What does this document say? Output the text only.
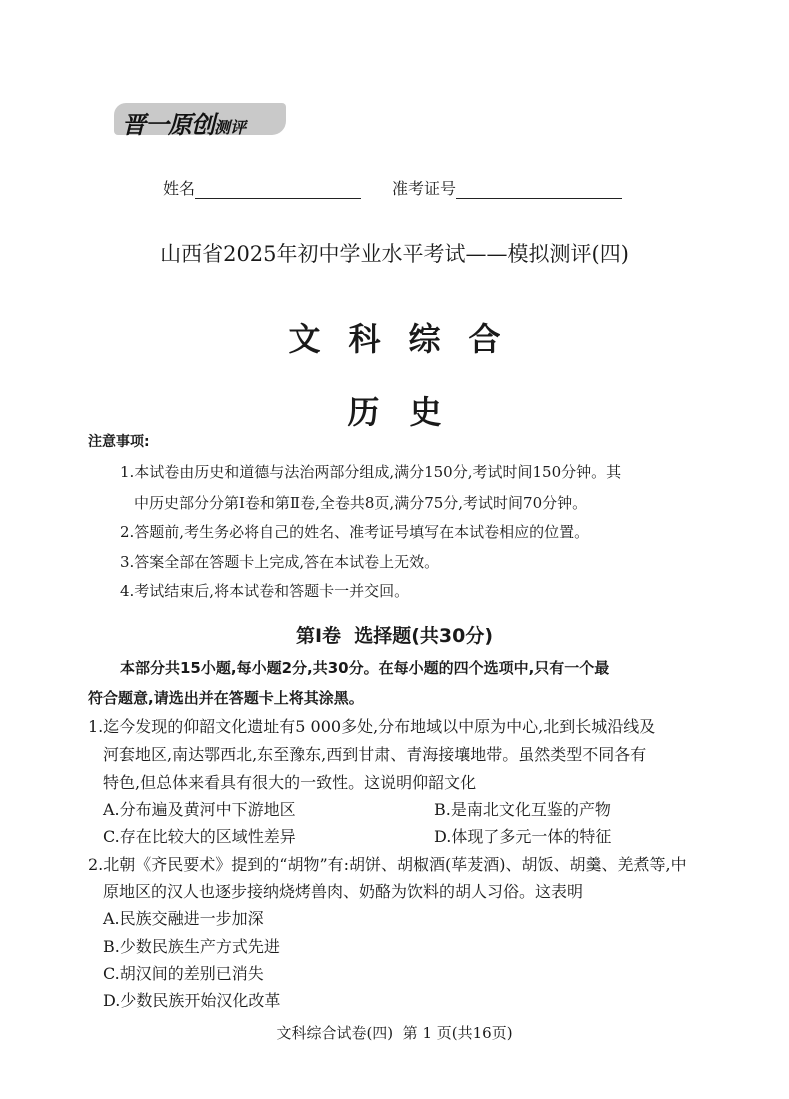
晋一原创测评
姓名	准考证号
山西省2025年初中学业水平考试——模拟测评(四)
文科综合
历史
注意事项:
1.本试卷由历史和道德与法治两部分组成,满分150分,考试时间150分钟。其
中历史部分分第Ⅰ卷和第Ⅱ卷,全卷共8页,满分75分,考试时间70分钟。
2.答题前,考生务必将自己的姓名、准考证号填写在本试卷相应的位置。
3.答案全部在答题卡上完成,答在本试卷上无效。
4.考试结束后,将本试卷和答题卡一并交回。
第Ⅰ卷  选择题(共30分)
本部分共15小题,每小题2分,共30分。在每小题的四个选项中,只有一个最
符合题意,请选出并在答题卡上将其涂黑。
1.迄今发现的仰韶文化遗址有5 000多处,分布地域以中原为中心,北到长城沿线及
河套地区,南达鄂西北,东至豫东,西到甘肃、青海接壤地带。虽然类型不同各有
特色,但总体来看具有很大的一致性。这说明仰韶文化
A.分布遍及黄河中下游地区	B.是南北文化互鉴的产物
C.存在比较大的区域性差异	D.体现了多元一体的特征
2.北朝《齐民要术》提到的“胡物”有:胡饼、胡椒酒(荜茇酒)、胡饭、胡羹、羌煮等,中
原地区的汉人也逐步接纳烧烤兽肉、奶酪为饮料的胡人习俗。这表明
A.民族交融进一步加深
B.少数民族生产方式先进
C.胡汉间的差别已消失
D.少数民族开始汉化改革
文科综合试卷(四)  第 1 页(共16页)
